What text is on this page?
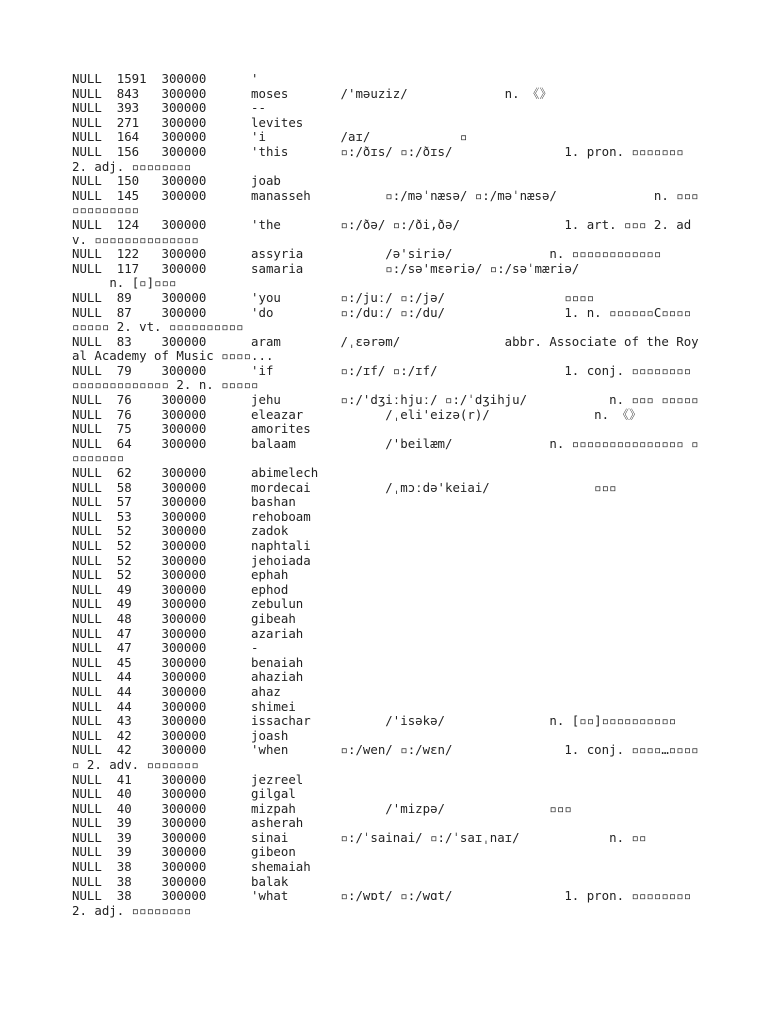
NULL  1591  300000      '
NULL  843   300000      moses       /'məuziz/             n. 《》
NULL  393   300000      --
NULL  271   300000      levites
NULL  164   300000      'i          /aɪ/            ▫
NULL  156   300000      'this       ▫:/ðɪs/ ▫:/ðɪs/               1. pron. ▫▫▫▫▫▫▫ 2. adj. ▫▫▫▫▫▫▫▫
NULL  150   300000      joab
NULL  145   300000      manasseh          ▫:/məˈnæsə/ ▫:/məˈnæsə/             n. ▫▫▫ ▫▫▫▫▫▫▫▫▫
NULL  124   300000      'the        ▫:/ðə/ ▫:/ði,ðə/              1. art. ▫▫▫ 2. adv. ▫▫▫▫▫▫▫▫▫▫▫▫▫▫
NULL  122   300000      assyria           /ə'siriə/             n. ▫▫▫▫▫▫▫▫▫▫▫▫
NULL  117   300000      samaria           ▫:/sə'mɛəriə/ ▫:/səˈmæriə/
n. [▫]▫▫▫
NULL  89    300000      'you        ▫:/juː/ ▫:/jə/                ▫▫▫▫
NULL  87    300000      'do         ▫:/duː/ ▫:/du/                1. n. ▫▫▫▫▫▫C▫▫▫▫ ▫▫▫▫▫ 2. vt. ▫▫▫▫▫▫▫▫▫▫
NULL  83    300000      aram        /ˌɛərəm/              abbr. Associate of the Royal Academy of Music ▫▫▫▫...
NULL  79    300000      'if         ▫:/ɪf/ ▫:/ɪf/                 1. conj. ▫▫▫▫▫▫▫▫ ▫▫▫▫▫▫▫▫▫▫▫▫▫ 2. n. ▫▫▫▫▫
NULL  76    300000      jehu        ▫:/'dʒiːhjuː/ ▫:/ˈdʒihju/           n. ▫▫▫ ▫▫▫▫▫
NULL  76    300000      eleazar           /ˌeli'eizə(r)/              n. 《》
NULL  75    300000      amorites
NULL  64    300000      balaam            /'beilæm/             n. ▫▫▫▫▫▫▫▫▫▫▫▫▫▫▫ ▫▫▫▫▫▫▫▫
NULL  62    300000      abimelech
NULL  58    300000      mordecai          /ˌmɔːdə'keiai/              ▫▫▫
NULL  57    300000      bashan
NULL  53    300000      rehoboam
NULL  52    300000      zadok
NULL  52    300000      naphtali
NULL  52    300000      jehoiada
NULL  52    300000      ephah
NULL  49    300000      ephod
NULL  49    300000      zebulun
NULL  48    300000      gibeah
NULL  47    300000      azariah
NULL  47    300000      -
NULL  45    300000      benaiah
NULL  44    300000      ahaziah
NULL  44    300000      ahaz
NULL  44    300000      shimei
NULL  43    300000      issachar          /'isəkə/              n. [▫▫]▫▫▫▫▫▫▫▫▫▫
NULL  42    300000      joash
NULL  42    300000      'when       ▫:/wen/ ▫:/wɛn/               1. conj. ▫▫▫▫…▫▫▫▫ ▫ 2. adv. ▫▫▫▫▫▫▫
NULL  41    300000      jezreel
NULL  40    300000      gilgal
NULL  40    300000      mizpah            /'mizpə/              ▫▫▫
NULL  39    300000      asherah
NULL  39    300000      sinai       ▫:/ˈsainai/ ▫:/ˈsaɪˌnaɪ/            n. ▫▫
NULL  39    300000      gibeon
NULL  38    300000      shemaiah
NULL  38    300000      balak
NULL  38    300000      'what       ▫:/wɒt/ ▫:/wɑt/               1. pron. ▫▫▫▫▫▫▫▫ 2. adj. ▫▫▫▫▫▫▫▫
